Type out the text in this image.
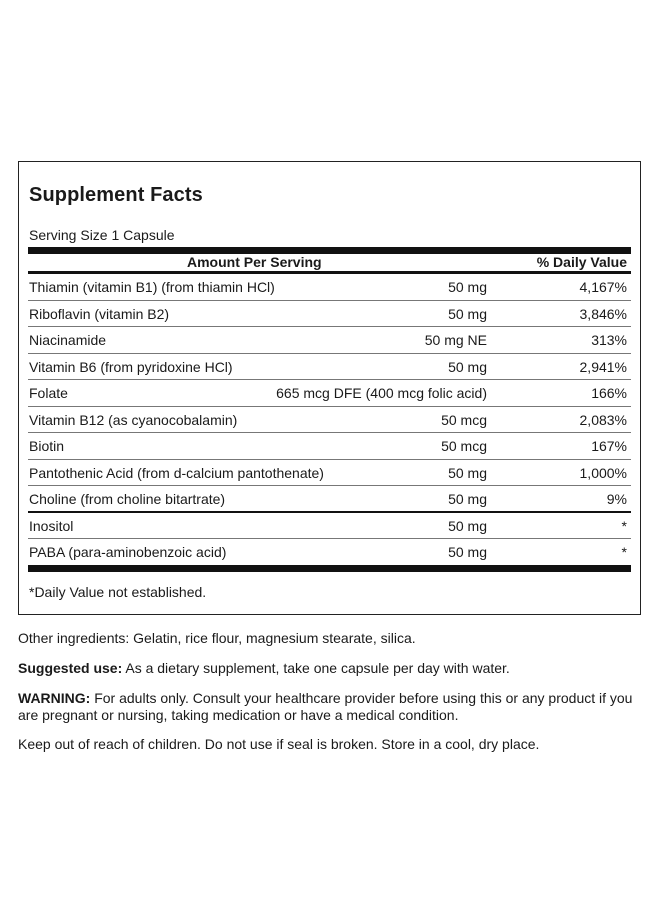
Supplement Facts
Serving Size 1 Capsule
Amount Per Serving	% Daily Value
Thiamin (vitamin B1) (from thiamin HCl)	50 mg	4,167%
Riboflavin (vitamin B2)	50 mg	3,846%
Niacinamide	50 mg NE	313%
Vitamin B6 (from pyridoxine HCl)	50 mg	2,941%
Folate	665 mcg DFE (400 mcg folic acid)	166%
Vitamin B12 (as cyanocobalamin)	50 mcg	2,083%
Biotin	50 mcg	167%
Pantothenic Acid (from d-calcium pantothenate)	50 mg	1,000%
Choline (from choline bitartrate)	50 mg	9%
Inositol	50 mg	*
PABA (para-aminobenzoic acid)	50 mg	*
*Daily Value not established.
Other ingredients: Gelatin, rice flour, magnesium stearate, silica.
Suggested use: As a dietary supplement, take one capsule per day with water.
WARNING: For adults only. Consult your healthcare provider before using this or any product if you are pregnant or nursing, taking medication or have a medical condition.
Keep out of reach of children. Do not use if seal is broken. Store in a cool, dry place.
